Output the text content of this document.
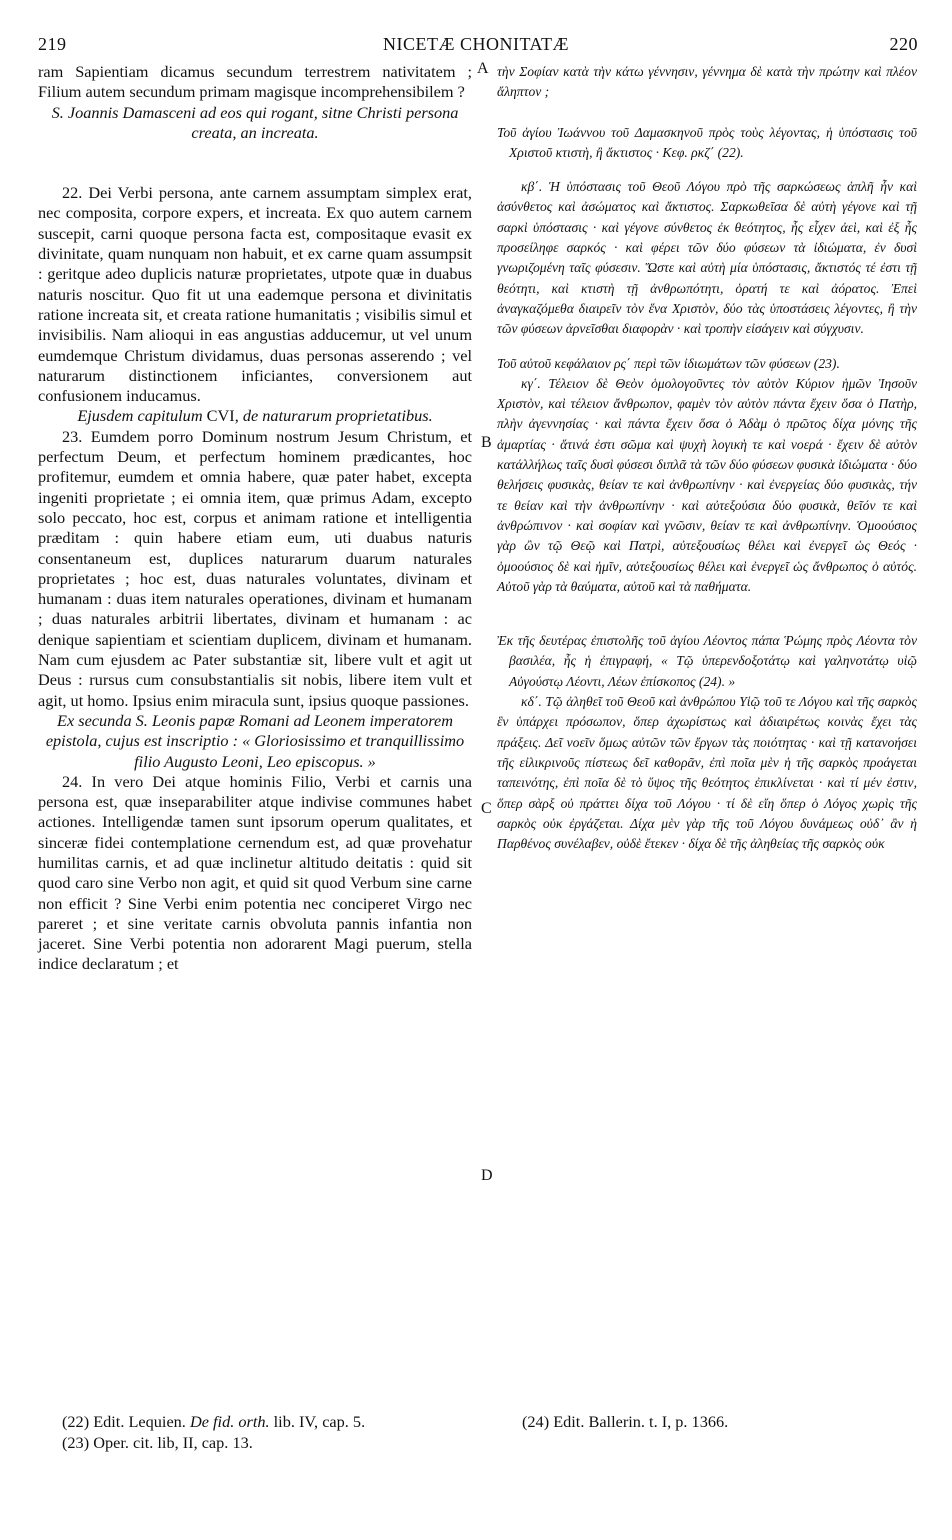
219	NICETÆ CHONITATÆ	220
A
B
C
D

ram Sapientiam dicamus secundum terrestrem nativitatem ; Filium autem secundum primam magisque incomprehensibilem ?

S. Joannis Damasceni ad eos qui rogant, sitne Christi persona creata, an increata.

22. Dei Verbi persona, ante carnem assumptam simplex erat, nec composita, corpore expers, et increata. Ex quo autem carnem suscepit, carni quoque persona facta est, compositaque evasit ex divinitate, quam nunquam non habuit, et ex carne quam assumpsit : geritque adeo duplicis naturæ proprietates, utpote quæ in duabus naturis noscitur. Quo fit ut una eademque persona et divinitatis ratione increata sit, et creata ratione humanitatis ; visibilis simul et invisibilis. Nam alioqui in eas angustias adducemur, ut vel unum eumdemque Christum dividamus, duas personas asserendo ; vel naturarum distinctionem inficiantes, conversionem aut confusionem inducamus.

Ejusdem capitulum CVI, de naturarum proprietatibus.

23. Eumdem porro Dominum nostrum Jesum Christum, et perfectum Deum, et perfectum hominem prædicantes, hoc profitemur, eumdem et omnia habere, quæ pater habet, excepta ingeniti proprietate ; ei omnia item, quæ primus Adam, excepto solo peccato, hoc est, corpus et animam ratione et intelligentia præditam : quin habere etiam eum, uti duabus naturis consentaneum est, duplices naturarum duarum naturales proprietates ; hoc est, duas naturales voluntates, divinam et humanam : duas item naturales operationes, divinam et humanam ; duas naturales arbitrii libertates, divinam et humanam : ac denique sapientiam et scientiam duplicem, divinam et humanam. Nam cum ejusdem ac Pater substantiæ sit, libere vult et agit ut Deus : rursus cum consubstantialis sit nobis, libere item vult et agit, ut homo. Ipsius enim miracula sunt, ipsius quoque passiones.

Ex secunda S. Leonis papæ Romani ad Leonem imperatorem epistola, cujus est inscriptio : « Gloriosissimo et tranquillissimo filio Augusto Leoni, Leo episcopus. »

24. In vero Dei atque hominis Filio, Verbi et carnis una persona est, quæ inseparabiliter atque indivise communes habet actiones. Intelligendæ tamen sunt ipsorum operum qualitates, et sinceræ fidei contemplatione cernendum est, ad quæ provehatur humilitas carnis, et ad quæ inclinetur altitudo deitatis : quid sit quod caro sine Verbo non agit, et quid sit quod Verbum sine carne non efficit ? Sine Verbi enim potentia nec conciperet Virgo nec pareret ; et sine veritate carnis obvoluta pannis infantia non jaceret. Sine Verbi potentia non adorarent Magi puerum, stella indice declaratum ; et

τὴν Σοφίαν κατὰ τὴν κάτω γέννησιν, γέννημα δὲ κατὰ τὴν πρώτην καὶ πλέον ἄληπτον ;

Τοῦ ἁγίου Ἰωάννου τοῦ Δαμασκηνοῦ πρὸς τοὺς λέγοντας, ἡ ὑπόστασις τοῦ Χριστοῦ κτιστὴ, ἢ ἄκτιστος · Κεφ. ρκζ΄ (22).

κβ΄. Ἡ ὑπόστασις τοῦ Θεοῦ Λόγου πρὸ τῆς σαρκώσεως ἁπλῆ ἦν καὶ ἀσύνθετος καὶ ἀσώματος καὶ ἄκτιστος. Σαρκωθεῖσα δὲ αὐτὴ γέγονε καὶ τῇ σαρκὶ ὑπόστασις · καὶ γέγονε σύνθετος ἐκ θεότητος, ἧς εἶχεν ἀεὶ, καὶ ἐξ ἧς προσείληφε σαρκός · καὶ φέρει τῶν δύο φύσεων τὰ ἰδιώματα, ἐν δυσὶ γνωριζομένη ταῖς φύσεσιν. Ὥστε καὶ αὐτὴ μία ὑπόστασις, ἄκτιστός τέ ἐστι τῇ θεότητι, καὶ κτιστὴ τῇ ἀνθρωπότητι, ὁρατή τε καὶ ἀόρατος. Ἐπεὶ ἀναγκαζόμεθα διαιρεῖν τὸν ἕνα Χριστὸν, δύο τὰς ὑποστάσεις λέγοντες, ἢ τὴν τῶν φύσεων ἀρνεῖσθαι διαφορὰν · καὶ τροπὴν εἰσάγειν καὶ σύγχυσιν.

Τοῦ αὐτοῦ κεφάλαιον ρς΄ περὶ τῶν ἰδιωμάτων τῶν φύσεων (23).

κγ΄. Τέλειον δὲ Θεὸν ὁμολογοῦντες τὸν αὐτὸν Κύριον ἡμῶν Ἰησοῦν Χριστὸν, καὶ τέλειον ἄνθρωπον, φαμὲν τὸν αὐτὸν πάντα ἔχειν ὅσα ὁ Πατὴρ, πλὴν ἀγεννησίας · καὶ πάντα ἔχειν ὅσα ὁ Ἀδὰμ ὁ πρῶτος δίχα μόνης τῆς ἁμαρτίας · ἅτινά ἐστι σῶμα καὶ ψυχὴ λογικὴ τε καὶ νοερά · ἔχειν δὲ αὐτὸν κατάλλήλως ταῖς δυσὶ φύσεσι διπλᾶ τὰ τῶν δύο φύσεων φυσικὰ ἰδιώματα · δύο θελήσεις φυσικὰς, θείαν τε καὶ ἀνθρωπίνην · καὶ ἐνεργείας δύο φυσικὰς, τήν τε θείαν καὶ τὴν ἀνθρωπίνην · καὶ αὐτεξούσια δύο φυσικὰ, θεῖόν τε καὶ ἀνθρώπινον · καὶ σοφίαν καὶ γνῶσιν, θείαν τε καὶ ἀνθρωπίνην. Ὁμοούσιος γὰρ ὢν τῷ Θεῷ καὶ Πατρὶ, αὐτεξουσίως θέλει καὶ ἐνεργεῖ ὡς Θεός · ὁμοούσιος δὲ καὶ ἡμῖν, αὐτεξουσίως θέλει καὶ ἐνεργεῖ ὡς ἄνθρωπος ὁ αὐτός. Αὐτοῦ γὰρ τὰ θαύματα, αὐτοῦ καὶ τὰ παθήματα.

Ἐκ τῆς δευτέρας ἐπιστολῆς τοῦ ἁγίου Λέοντος πάπα Ῥώμης πρὸς Λέοντα τὸν βασιλέα, ἧς ἡ ἐπιγραφή, « Τῷ ὑπερενδοξοτάτῳ καὶ γαληνοτάτῳ υἱῷ Αὐγούστῳ Λέοντι, Λέων ἐπίσκοπος (24). »

κδ΄. Τῷ ἀληθεῖ τοῦ Θεοῦ καὶ ἀνθρώπου Υἱῷ τοῦ τε Λόγου καὶ τῆς σαρκὸς ἓν ὑπάρχει πρόσωπον, ὅπερ ἀχωρίστως καὶ ἀδιαιρέτως κοινὰς ἔχει τὰς πράξεις. Δεῖ νοεῖν ὅμως αὐτῶν τῶν ἔργων τὰς ποιότητας · καὶ τῇ κατανοήσει τῆς εἰλικρινοῦς πίστεως δεῖ καθορᾶν, ἐπὶ ποῖα μὲν ἡ τῆς σαρκὸς προάγεται ταπεινότης, ἐπὶ ποῖα δὲ τὸ ὕψος τῆς θεότητος ἐπικλίνεται · καὶ τί μέν ἐστιν, ὅπερ σὰρξ οὐ πράττει δίχα τοῦ Λόγου · τί δὲ εἴη ὅπερ ὁ Λόγος χωρὶς τῆς σαρκὸς οὐκ ἐργάζεται. Δίχα μὲν γὰρ τῆς τοῦ Λόγου δυνάμεως οὐδ᾽ ἂν ἡ Παρθένος συνέλαβεν, οὐδὲ ἔτεκεν · δίχα δὲ τῆς ἀληθείας τῆς σαρκὸς οὐκ

(22) Edit. Lequien. De fid. orth. lib. IV, cap. 5.
(23) Oper. cit. lib, II, cap. 13.
(24) Edit. Ballerin. t. I, p. 1366.
